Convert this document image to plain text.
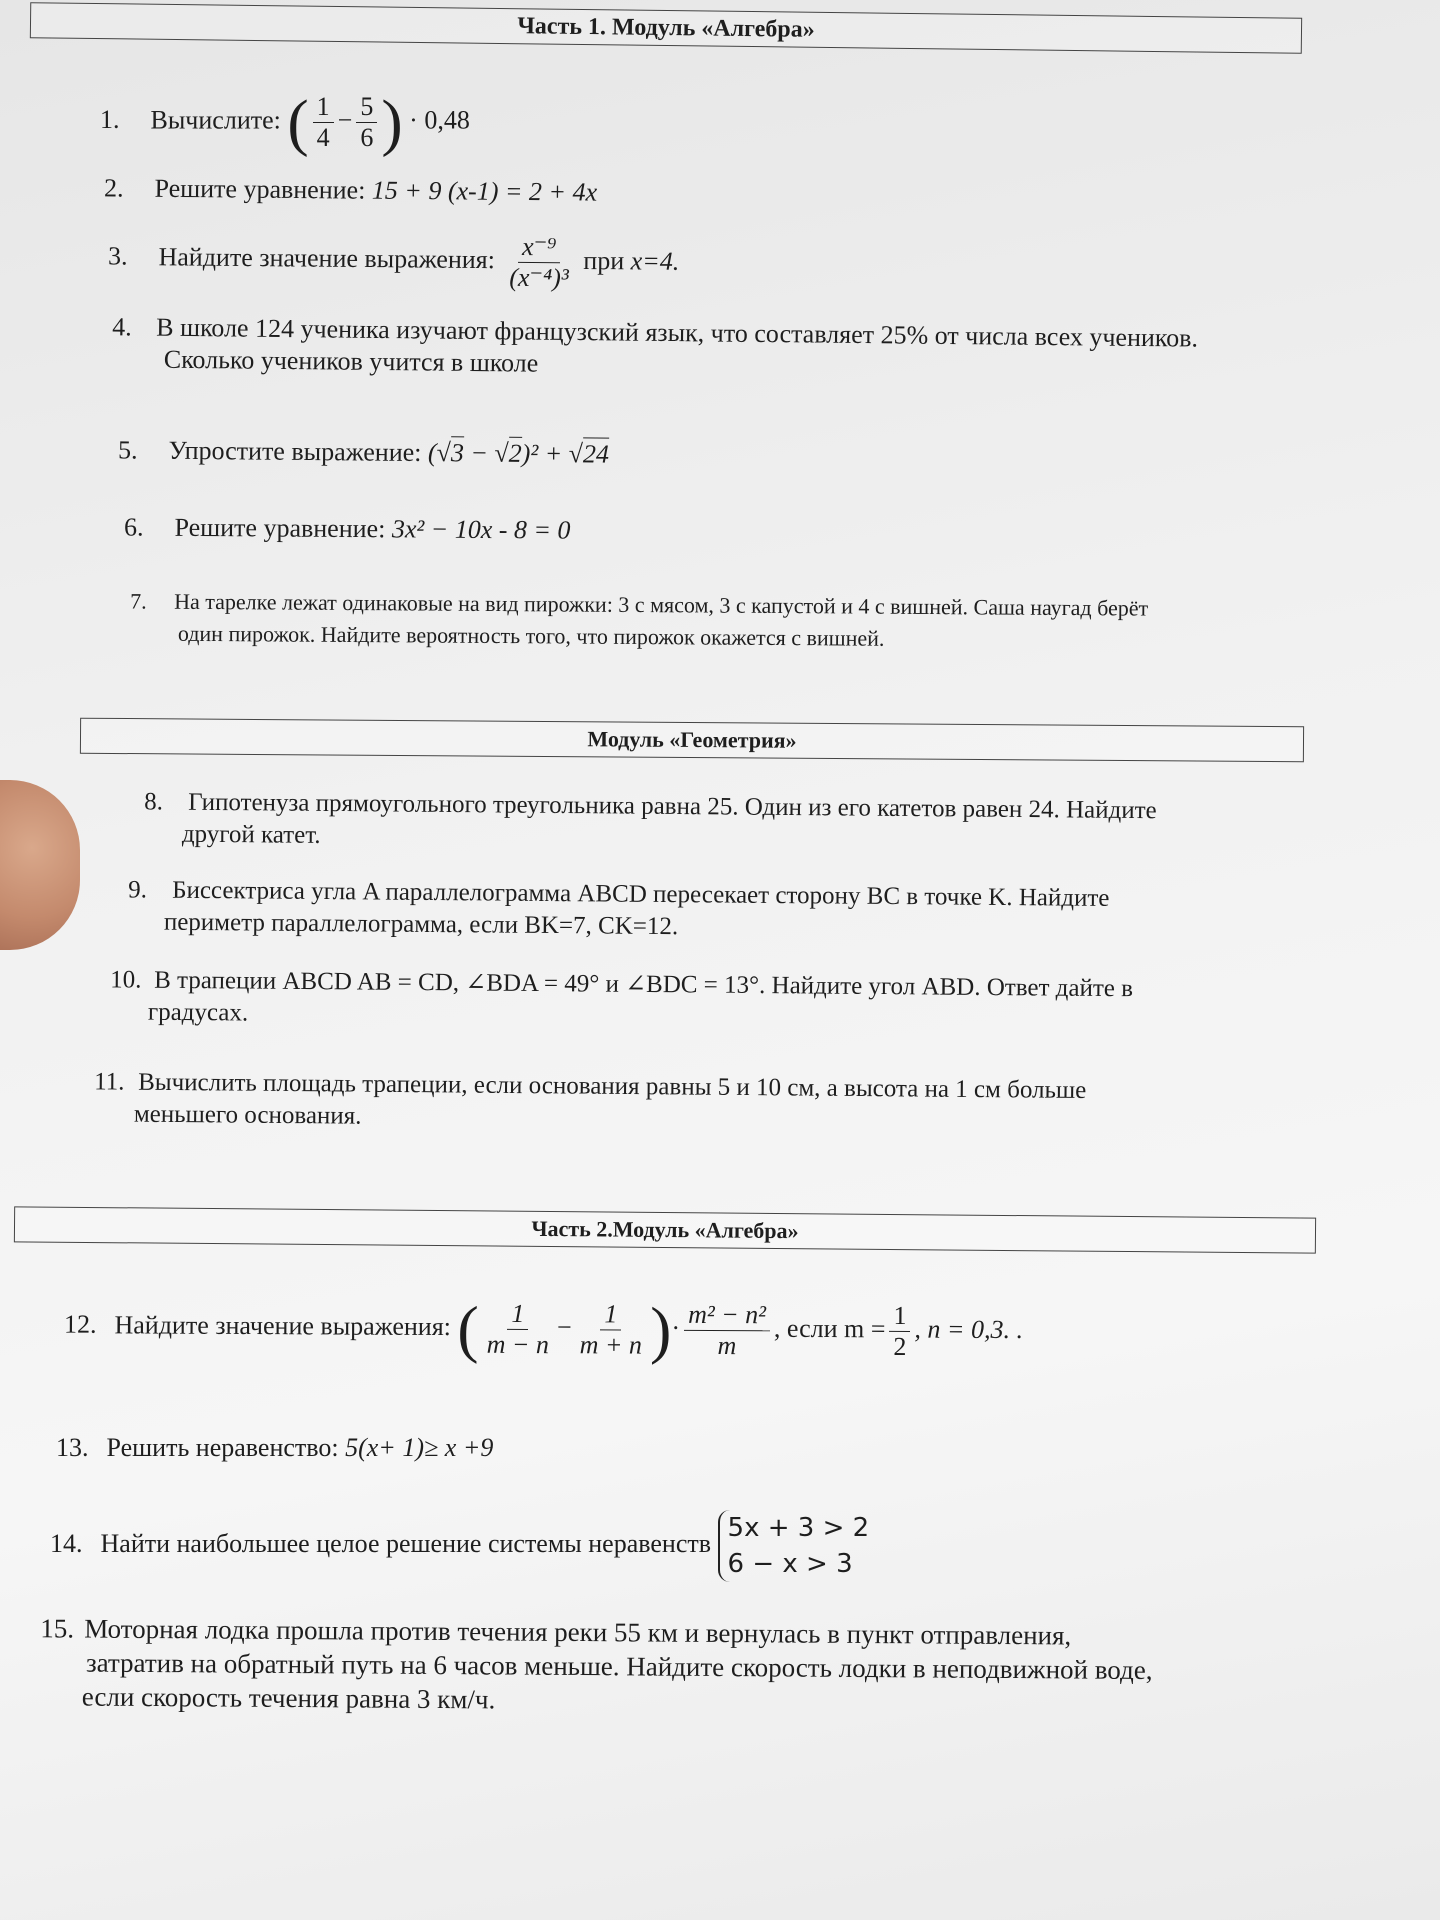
Часть 1. Модуль «Алгебра»
1. Вычислите: ( $\frac{1}{4} - \frac{5}{6}$ ) · 0,48
2. Решите уравнение: 15 + 9 (x-1) = 2 + 4x
3. Найдите значение выражения: $\frac{\text{x⁻⁹}}{\text{(x⁻⁴)³}}$ при x=4.
4. В школе 124 ученика изучают французский язык, что составляет 25% от числа всех учеников.
Сколько учеников учится в школе
5. Упростите выражение: (√3 − √2)² + √24
6. Решите уравнение: 3x² − 10x - 8 = 0
7. На тарелке лежат одинаковые на вид пирожки: 3 с мясом, 3 с капустой и 4 с вишней. Саша наугад берёт
один пирожок. Найдите вероятность того, что пирожок окажется с вишней.
Модуль «Геометрия»
8. Гипотенуза прямоугольного треугольника равна 25. Один из его катетов равен 24. Найдите
другой катет.
9. Биссектриса угла A параллелограмма ABCD пересекает сторону BC в точке K. Найдите
периметр параллелограмма, если BK=7, CK=12.
10. В трапеции ABCD AB = CD, ∠BDA = 49° и ∠BDC = 13°. Найдите угол ABD. Ответ дайте в
градусах.
11. Вычислить площадь трапеции, если основания равны 5 и 10 см, а высота на 1 см больше
меньшего основания.
Часть 2.Модуль «Алгебра»
12. Найдите значение выражения: ( $\frac{1}{m - n} - \frac{1}{m + n}$ )· $\frac{\text{m² − n²}}{m}$ , если $m = \frac{1}{2}$ , n = 0,3. .
13. Решить неравенство: 5(x+ 1)≥ x +9
14. Найти наибольшее целое решение системы неравенств
5x + 3 > 2
6 − x > 3
15. Моторная лодка прошла против течения реки 55 км и вернулась в пункт отправления,
затратив на обратный путь на 6 часов меньше. Найдите скорость лодки в неподвижной воде,
если скорость течения равна 3 км/ч.
